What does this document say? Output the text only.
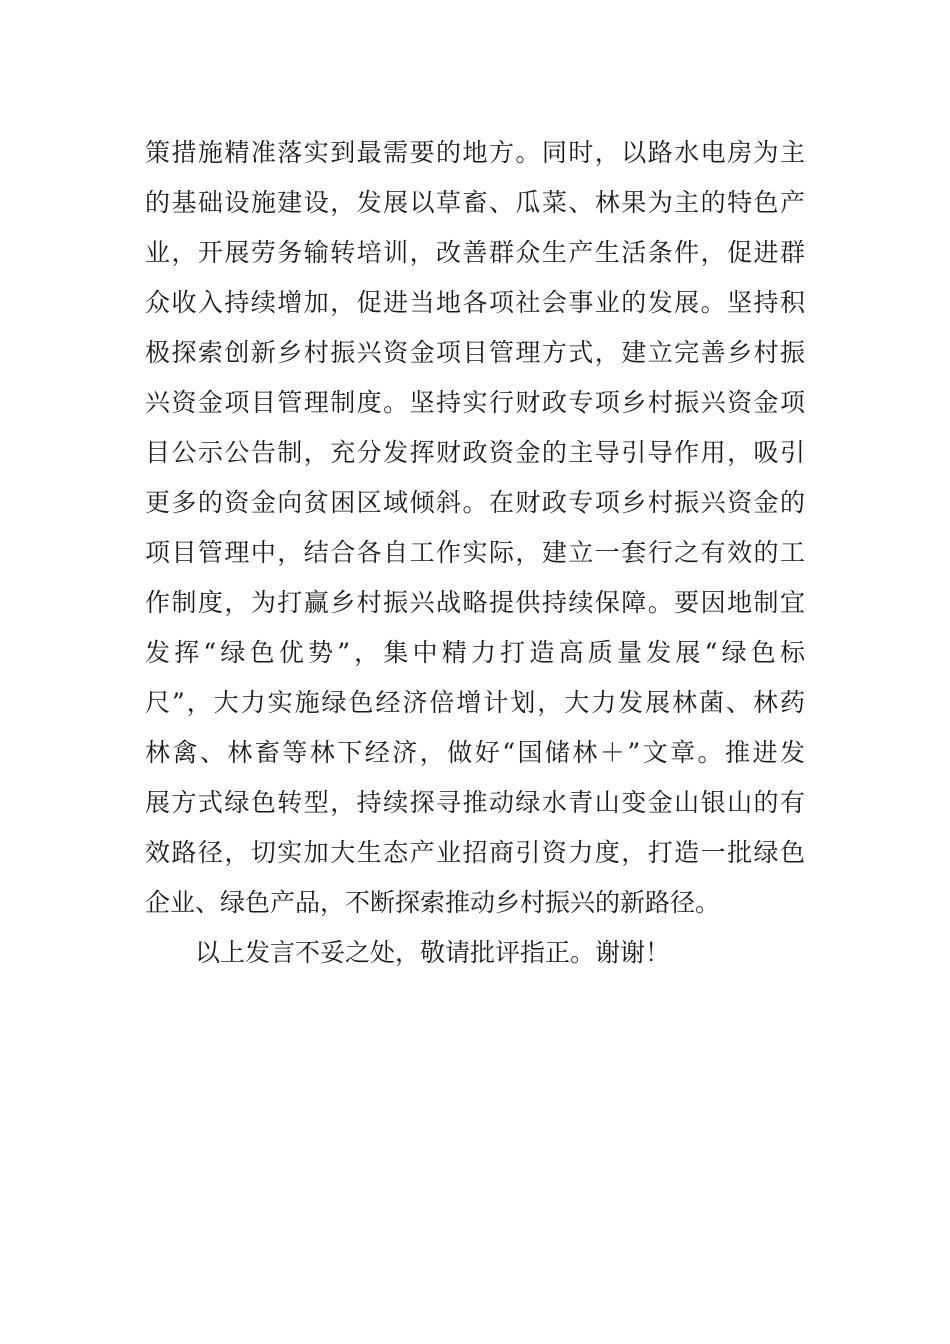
策措施精准落实到最需要的地方。同时，以路水电房为主
的基础设施建设，发展以草畜、瓜菜、林果为主的特色产
业，开展劳务输转培训，改善群众生产生活条件，促进群
众收入持续增加，促进当地各项社会事业的发展。坚持积
极探索创新乡村振兴资金项目管理方式，建立完善乡村振
兴资金项目管理制度。坚持实行财政专项乡村振兴资金项
目公示公告制，充分发挥财政资金的主导引导作用，吸引
更多的资金向贫困区域倾斜。在财政专项乡村振兴资金的
项目管理中，结合各自工作实际，建立一套行之有效的工
作制度，为打赢乡村振兴战略提供持续保障。要因地制宜
发挥“绿色优势”，集中精力打造高质量发展“绿色标
尺”，大力实施绿色经济倍增计划，大力发展林菌、林药
林禽、林畜等林下经济，做好“国储林＋”文章。推进发
展方式绿色转型，持续探寻推动绿水青山变金山银山的有
效路径，切实加大生态产业招商引资力度，打造一批绿色
企业、绿色产品，不断探索推动乡村振兴的新路径。
以上发言不妥之处，敬请批评指正。谢谢！
